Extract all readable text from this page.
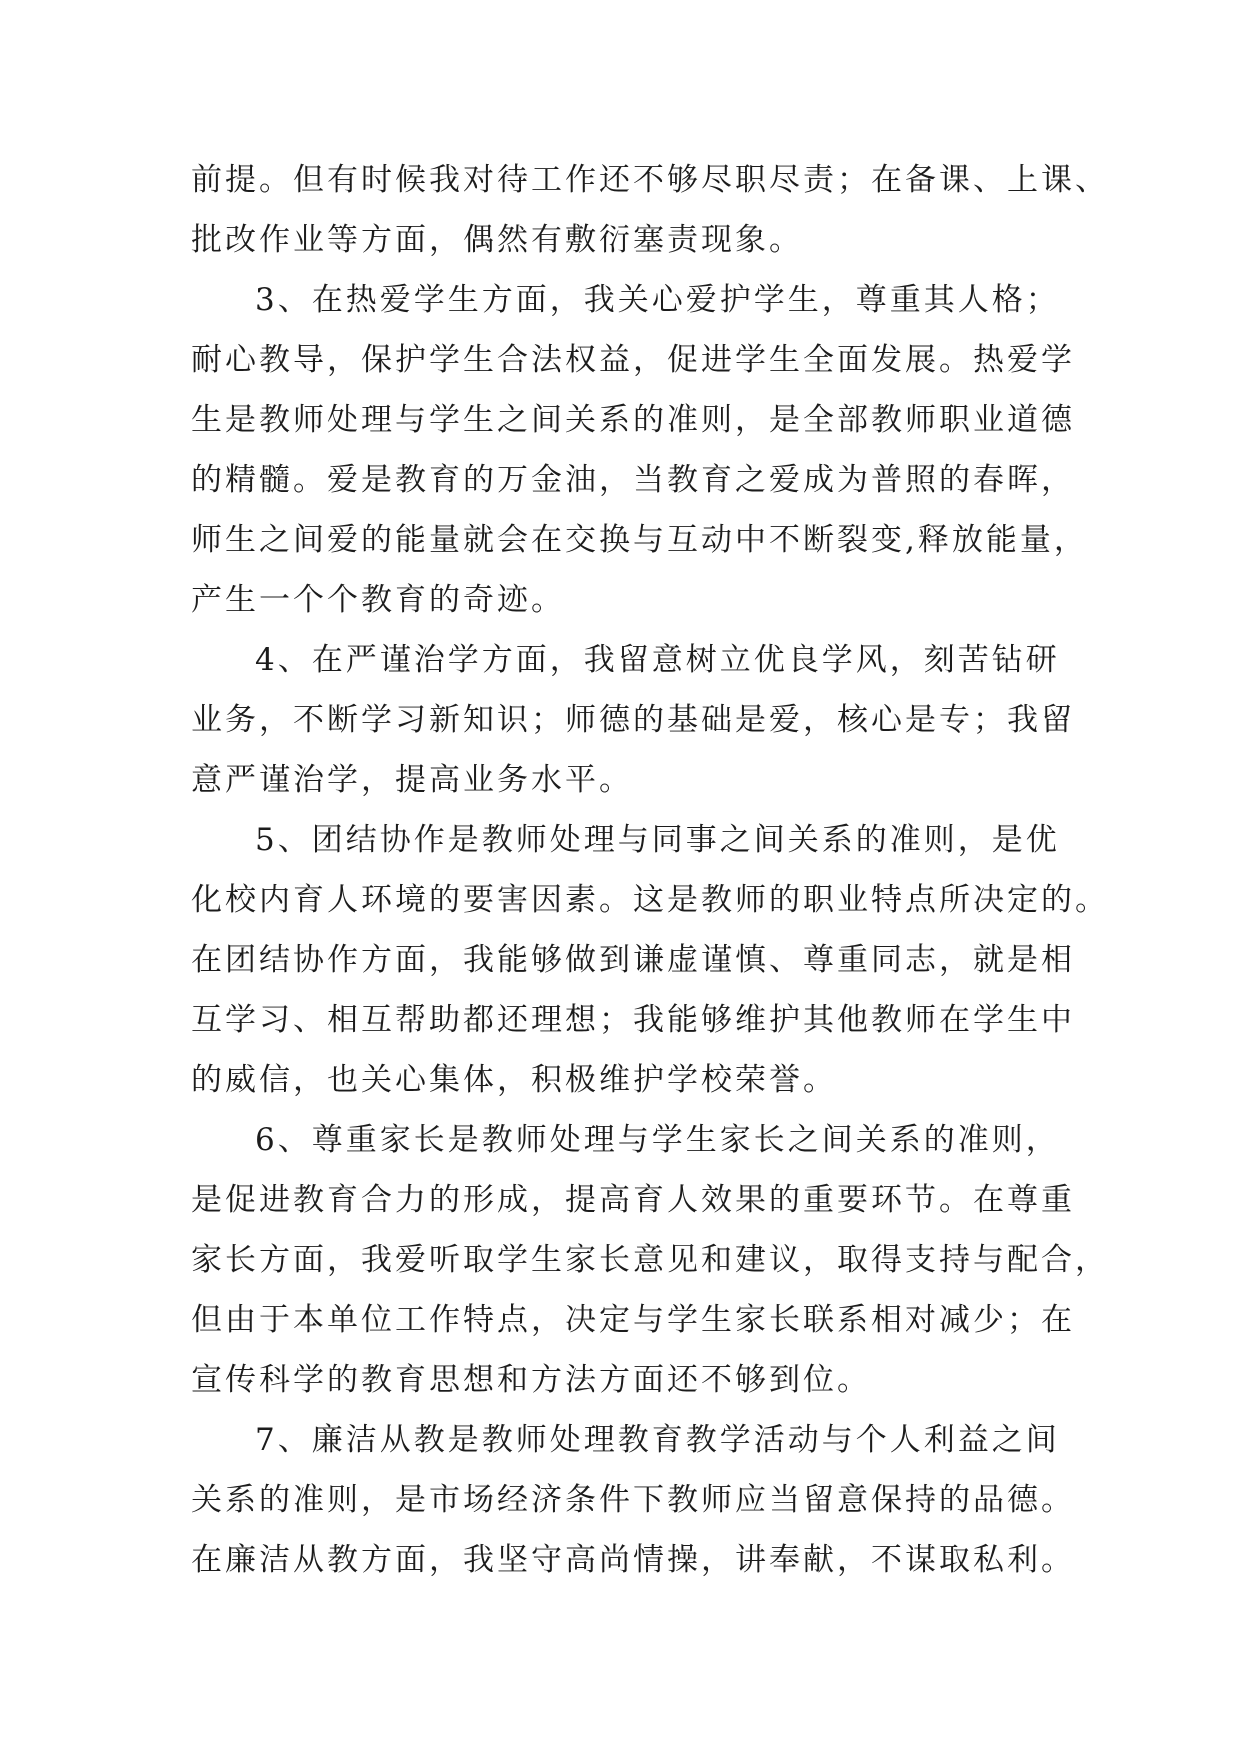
前提。但有时候我对待工作还不够尽职尽责；在备课、上课、
批改作业等方面，偶然有敷衍塞责现象。
3、在热爱学生方面，我关心爱护学生，尊重其人格；
耐心教导，保护学生合法权益，促进学生全面发展。热爱学
生是教师处理与学生之间关系的准则，是全部教师职业道德
的精髓。爱是教育的万金油，当教育之爱成为普照的春晖，
师生之间爱的能量就会在交换与互动中不断裂变,释放能量，
产生一个个教育的奇迹。
4、在严谨治学方面，我留意树立优良学风，刻苦钻研
业务，不断学习新知识；师德的基础是爱，核心是专；我留
意严谨治学，提高业务水平。
5、团结协作是教师处理与同事之间关系的准则，是优
化校内育人环境的要害因素。这是教师的职业特点所决定的。
在团结协作方面，我能够做到谦虚谨慎、尊重同志，就是相
互学习、相互帮助都还理想；我能够维护其他教师在学生中
的威信，也关心集体，积极维护学校荣誉。
6、尊重家长是教师处理与学生家长之间关系的准则，
是促进教育合力的形成，提高育人效果的重要环节。在尊重
家长方面，我爱听取学生家长意见和建议，取得支持与配合，
但由于本单位工作特点，决定与学生家长联系相对减少；在
宣传科学的教育思想和方法方面还不够到位。
7、廉洁从教是教师处理教育教学活动与个人利益之间
关系的准则，是市场经济条件下教师应当留意保持的品德。
在廉洁从教方面，我坚守高尚情操，讲奉献，不谋取私利。
